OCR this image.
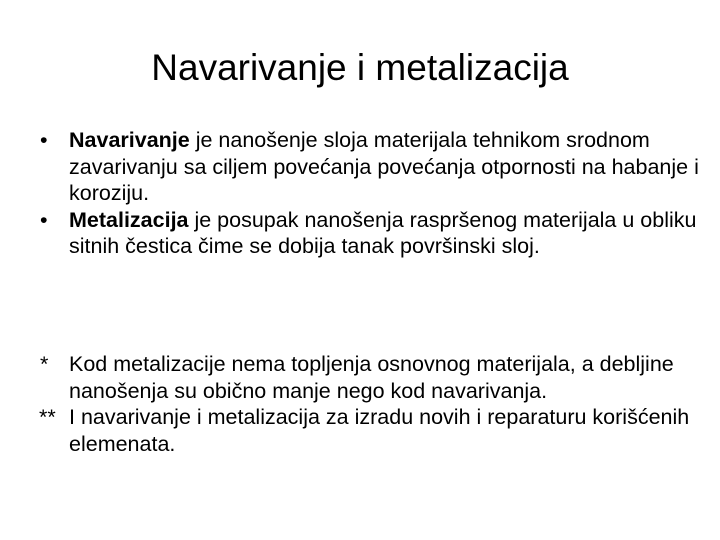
Navarivanje i metalizacija
• Navarivanje je nanošenje sloja materijala tehnikom srodnom zavarivanju sa ciljem povećanja povećanja otpornosti na habanje i koroziju.
• Metalizacija je posupak nanošenja raspršenog materijala u obliku sitnih čestica čime se dobija tanak površinski sloj.
* Kod metalizacije nema topljenja osnovnog materijala, a debljine nanošenja su obično manje nego kod navarivanja.
** I navarivanje i metalizacija za izradu novih i reparaturu korišćenih elemenata.
